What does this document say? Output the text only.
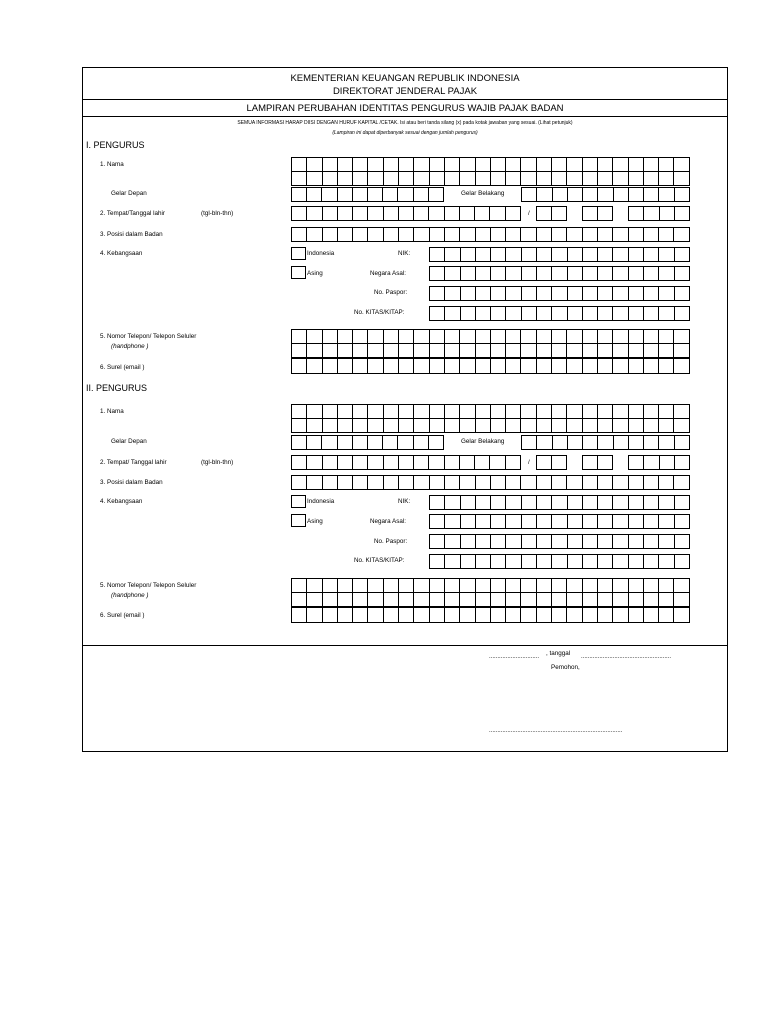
KEMENTERIAN KEUANGAN REPUBLIK INDONESIA
DIREKTORAT JENDERAL PAJAK
LAMPIRAN PERUBAHAN IDENTITAS PENGURUS WAJIB PAJAK BADAN
SEMUA INFORMASI HARAP DIISI DENGAN HURUF KAPITAL /CETAK. Isi atau beri tanda silang (x) pada kotak jawaban yang sesuai. (Lihat petunjuk)
(Lampiran ini dapat diperbanyak sesuai dengan jumlah pengurus)
I. PENGURUS
1. Nama
Gelar Depan	Gelar Belakang
2. Tempat/Tanggal lahir	(tgl-bln-thn)	/
3. Posisi dalam Badan
4. Kebangsaan	Indonesia	NIK:
Asing	Negara Asal:
No. Paspor:
No. KITAS/KITAP:
5. Nomor Telepon/ Telepon Seluler
(handphone )
6. Surel (email )
II. PENGURUS
1. Nama
Gelar Depan	Gelar Belakang
2. Tempat/ Tanggal lahir	(tgl-bln-thn)	/
3. Posisi dalam Badan
4. Kebangsaan	Indonesia	NIK:
Asing	Negara Asal:
No. Paspor:
No. KITAS/KITAP:
5. Nomor Telepon/ Telepon Seluler
(handphone )
6. Surel (email )
.............................. , tanggal ......................................................
Pemohon,
................................................................................
